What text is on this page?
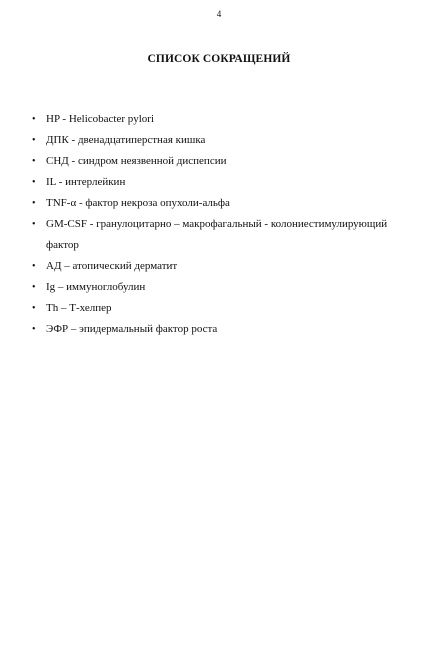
4
СПИСОК СОКРАЩЕНИЙ
• HP - Helicobacter pylori
• ДПК - двенадцатиперстная кишка
• СНД - синдром неязвенной диспепсии
• IL - интерлейкин
• TNF-α - фактор некроза опухоли-альфа
• GM-CSF - гранулоцитарно – макрофагальный - колониестимулирующий фактор
• АД – атопический дерматит
• Ig – иммуноглобулин
• Th – Т-хелпер
• ЭФР – эпидермальный фактор роста
